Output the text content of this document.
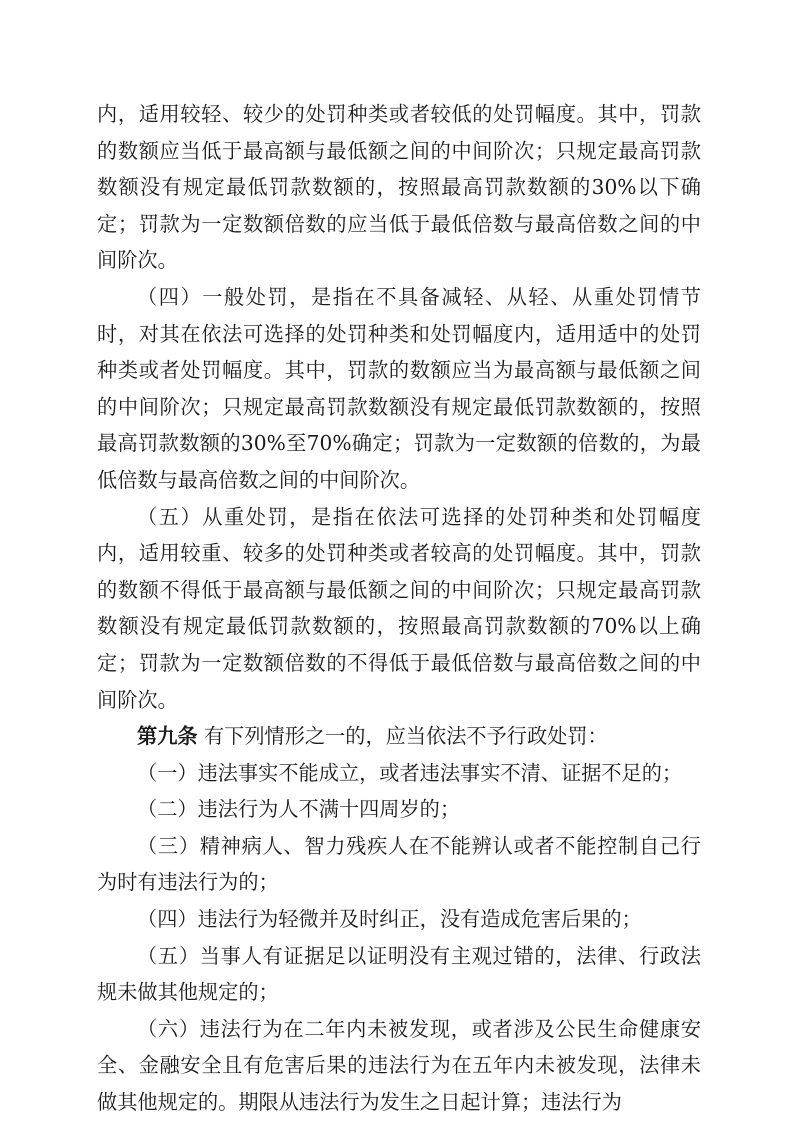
内，适用较轻、较少的处罚种类或者较低的处罚幅度。其中，罚款的数额应当低于最高额与最低额之间的中间阶次；只规定最高罚款数额没有规定最低罚款数额的，按照最高罚款数额的30%以下确定；罚款为一定数额倍数的应当低于最低倍数与最高倍数之间的中间阶次。

（四）一般处罚，是指在不具备减轻、从轻、从重处罚情节时，对其在依法可选择的处罚种类和处罚幅度内，适用适中的处罚种类或者处罚幅度。其中，罚款的数额应当为最高额与最低额之间的中间阶次；只规定最高罚款数额没有规定最低罚款数额的，按照最高罚款数额的30%至70%确定；罚款为一定数额的倍数的，为最低倍数与最高倍数之间的中间阶次。

（五）从重处罚，是指在依法可选择的处罚种类和处罚幅度内，适用较重、较多的处罚种类或者较高的处罚幅度。其中，罚款的数额不得低于最高额与最低额之间的中间阶次；只规定最高罚款数额没有规定最低罚款数额的，按照最高罚款数额的70%以上确定；罚款为一定数额倍数的不得低于最低倍数与最高倍数之间的中间阶次。

第九条 有下列情形之一的，应当依法不予行政处罚：

（一）违法事实不能成立，或者违法事实不清、证据不足的；

（二）违法行为人不满十四周岁的；

（三）精神病人、智力残疾人在不能辨认或者不能控制自己行为时有违法行为的；

（四）违法行为轻微并及时纠正，没有造成危害后果的；

（五）当事人有证据足以证明没有主观过错的，法律、行政法规未做其他规定的；

（六）违法行为在二年内未被发现，或者涉及公民生命健康安全、金融安全且有危害后果的违法行为在五年内未被发现，法律未做其他规定的。期限从违法行为发生之日起计算；违法行为
